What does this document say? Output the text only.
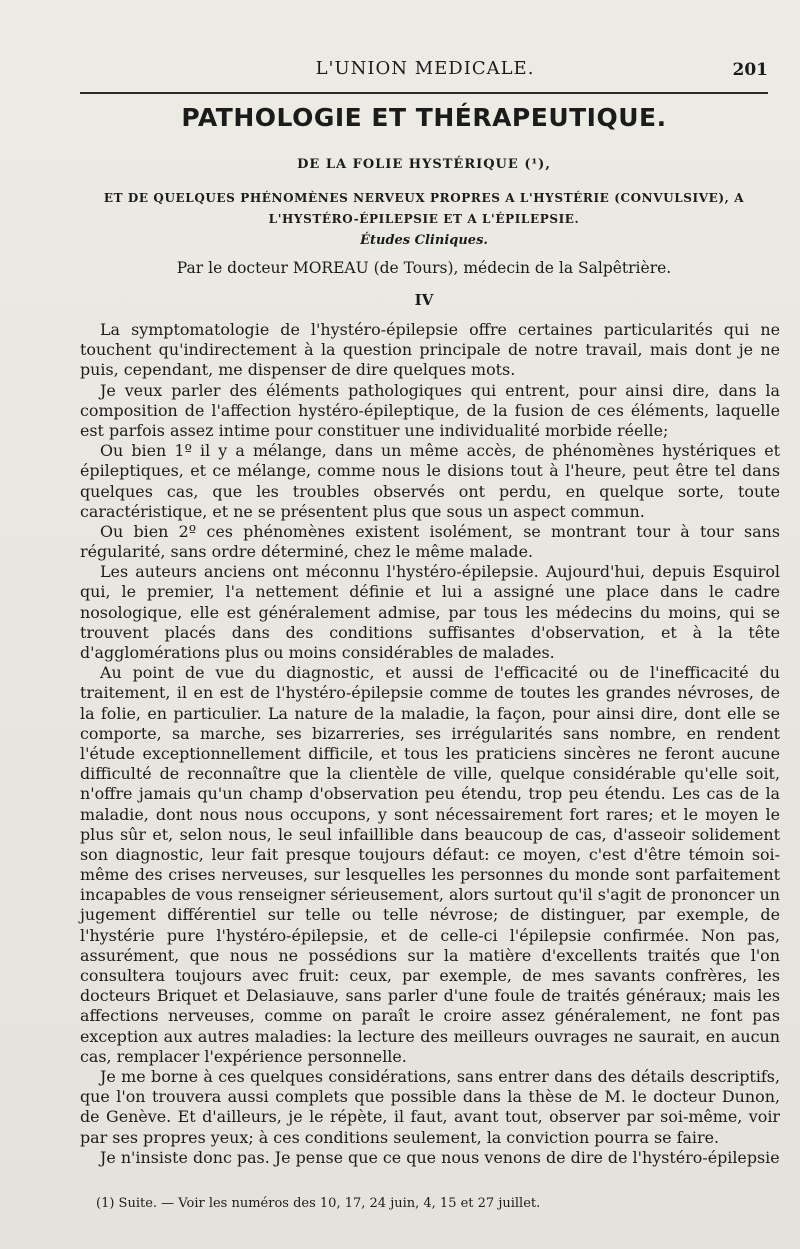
L'UNION MEDICALE.	201
PATHOLOGIE ET THÉRAPEUTIQUE.
DE LA FOLIE HYSTÉRIQUE (¹),
ET DE QUELQUES PHÉNOMÈNES NERVEUX PROPRES A L'HYSTÉRIE (CONVULSIVE), A L'HYSTÉRO-ÉPILEPSIE ET A L'ÉPILEPSIE.
Études Cliniques.
Par le docteur MOREAU (de Tours), médecin de la Salpêtrière.
IV

La symptomatologie de l'hystéro-épilepsie offre certaines particularités qui ne touchent qu'indirectement à la question principale de notre travail, mais dont je ne puis, cependant, me dispenser de dire quelques mots.

Je veux parler des éléments pathologiques qui entrent, pour ainsi dire, dans la composition de l'affection hystéro-épileptique, de la fusion de ces éléments, laquelle est parfois assez intime pour constituer une individualité morbide réelle;

Ou bien 1º il y a mélange, dans un même accès, de phénomènes hystériques et épileptiques, et ce mélange, comme nous le disions tout à l'heure, peut être tel dans quelques cas, que les troubles observés ont perdu, en quelque sorte, toute caractéristique, et ne se présentent plus que sous un aspect commun.

Ou bien 2º ces phénomènes existent isolément, se montrant tour à tour sans régularité, sans ordre déterminé, chez le même malade.

Les auteurs anciens ont méconnu l'hystéro-épilepsie. Aujourd'hui, depuis Esquirol qui, le premier, l'a nettement définie et lui a assigné une place dans le cadre nosologique, elle est généralement admise, par tous les médecins du moins, qui se trouvent placés dans des conditions suffisantes d'observation, et à la tête d'agglomérations plus ou moins considérables de malades.

Au point de vue du diagnostic, et aussi de l'efficacité ou de l'inefficacité du traitement, il en est de l'hystéro-épilepsie comme de toutes les grandes névroses, de la folie, en particulier. La nature de la maladie, la façon, pour ainsi dire, dont elle se comporte, sa marche, ses bizarreries, ses irrégularités sans nombre, en rendent l'étude exceptionnellement difficile, et tous les praticiens sincères ne feront aucune difficulté de reconnaître que la clientèle de ville, quelque considérable qu'elle soit, n'offre jamais qu'un champ d'observation peu étendu, trop peu étendu. Les cas de la maladie, dont nous nous occupons, y sont nécessairement fort rares; et le moyen le plus sûr et, selon nous, le seul infaillible dans beaucoup de cas, d'asseoir solidement son diagnostic, leur fait presque toujours défaut: ce moyen, c'est d'être témoin soi-même des crises nerveuses, sur lesquelles les personnes du monde sont parfaitement incapables de vous renseigner sérieusement, alors surtout qu'il s'agit de prononcer un jugement différentiel sur telle ou telle névrose; de distinguer, par exemple, de l'hystérie pure l'hystéro-épilepsie, et de celle-ci l'épilepsie confirmée. Non pas, assurément, que nous ne possédions sur la matière d'excellents traités que l'on consultera toujours avec fruit: ceux, par exemple, de mes savants confrères, les docteurs Briquet et Delasiauve, sans parler d'une foule de traités généraux; mais les affections nerveuses, comme on paraît le croire assez généralement, ne font pas exception aux autres maladies: la lecture des meilleurs ouvrages ne saurait, en aucun cas, remplacer l'expérience personnelle.

Je me borne à ces quelques considérations, sans entrer dans des détails descriptifs, que l'on trouvera aussi complets que possible dans la thèse de M. le docteur Dunon, de Genève. Et d'ailleurs, je le répète, il faut, avant tout, observer par soi-même, voir par ses propres yeux; à ces conditions seulement, la conviction pourra se faire.

Je n'insiste donc pas. Je pense que ce que nous venons de dire de l'hystéro-épilepsie

(1) Suite. — Voir les numéros des 10, 17, 24 juin, 4, 15 et 27 juillet.
